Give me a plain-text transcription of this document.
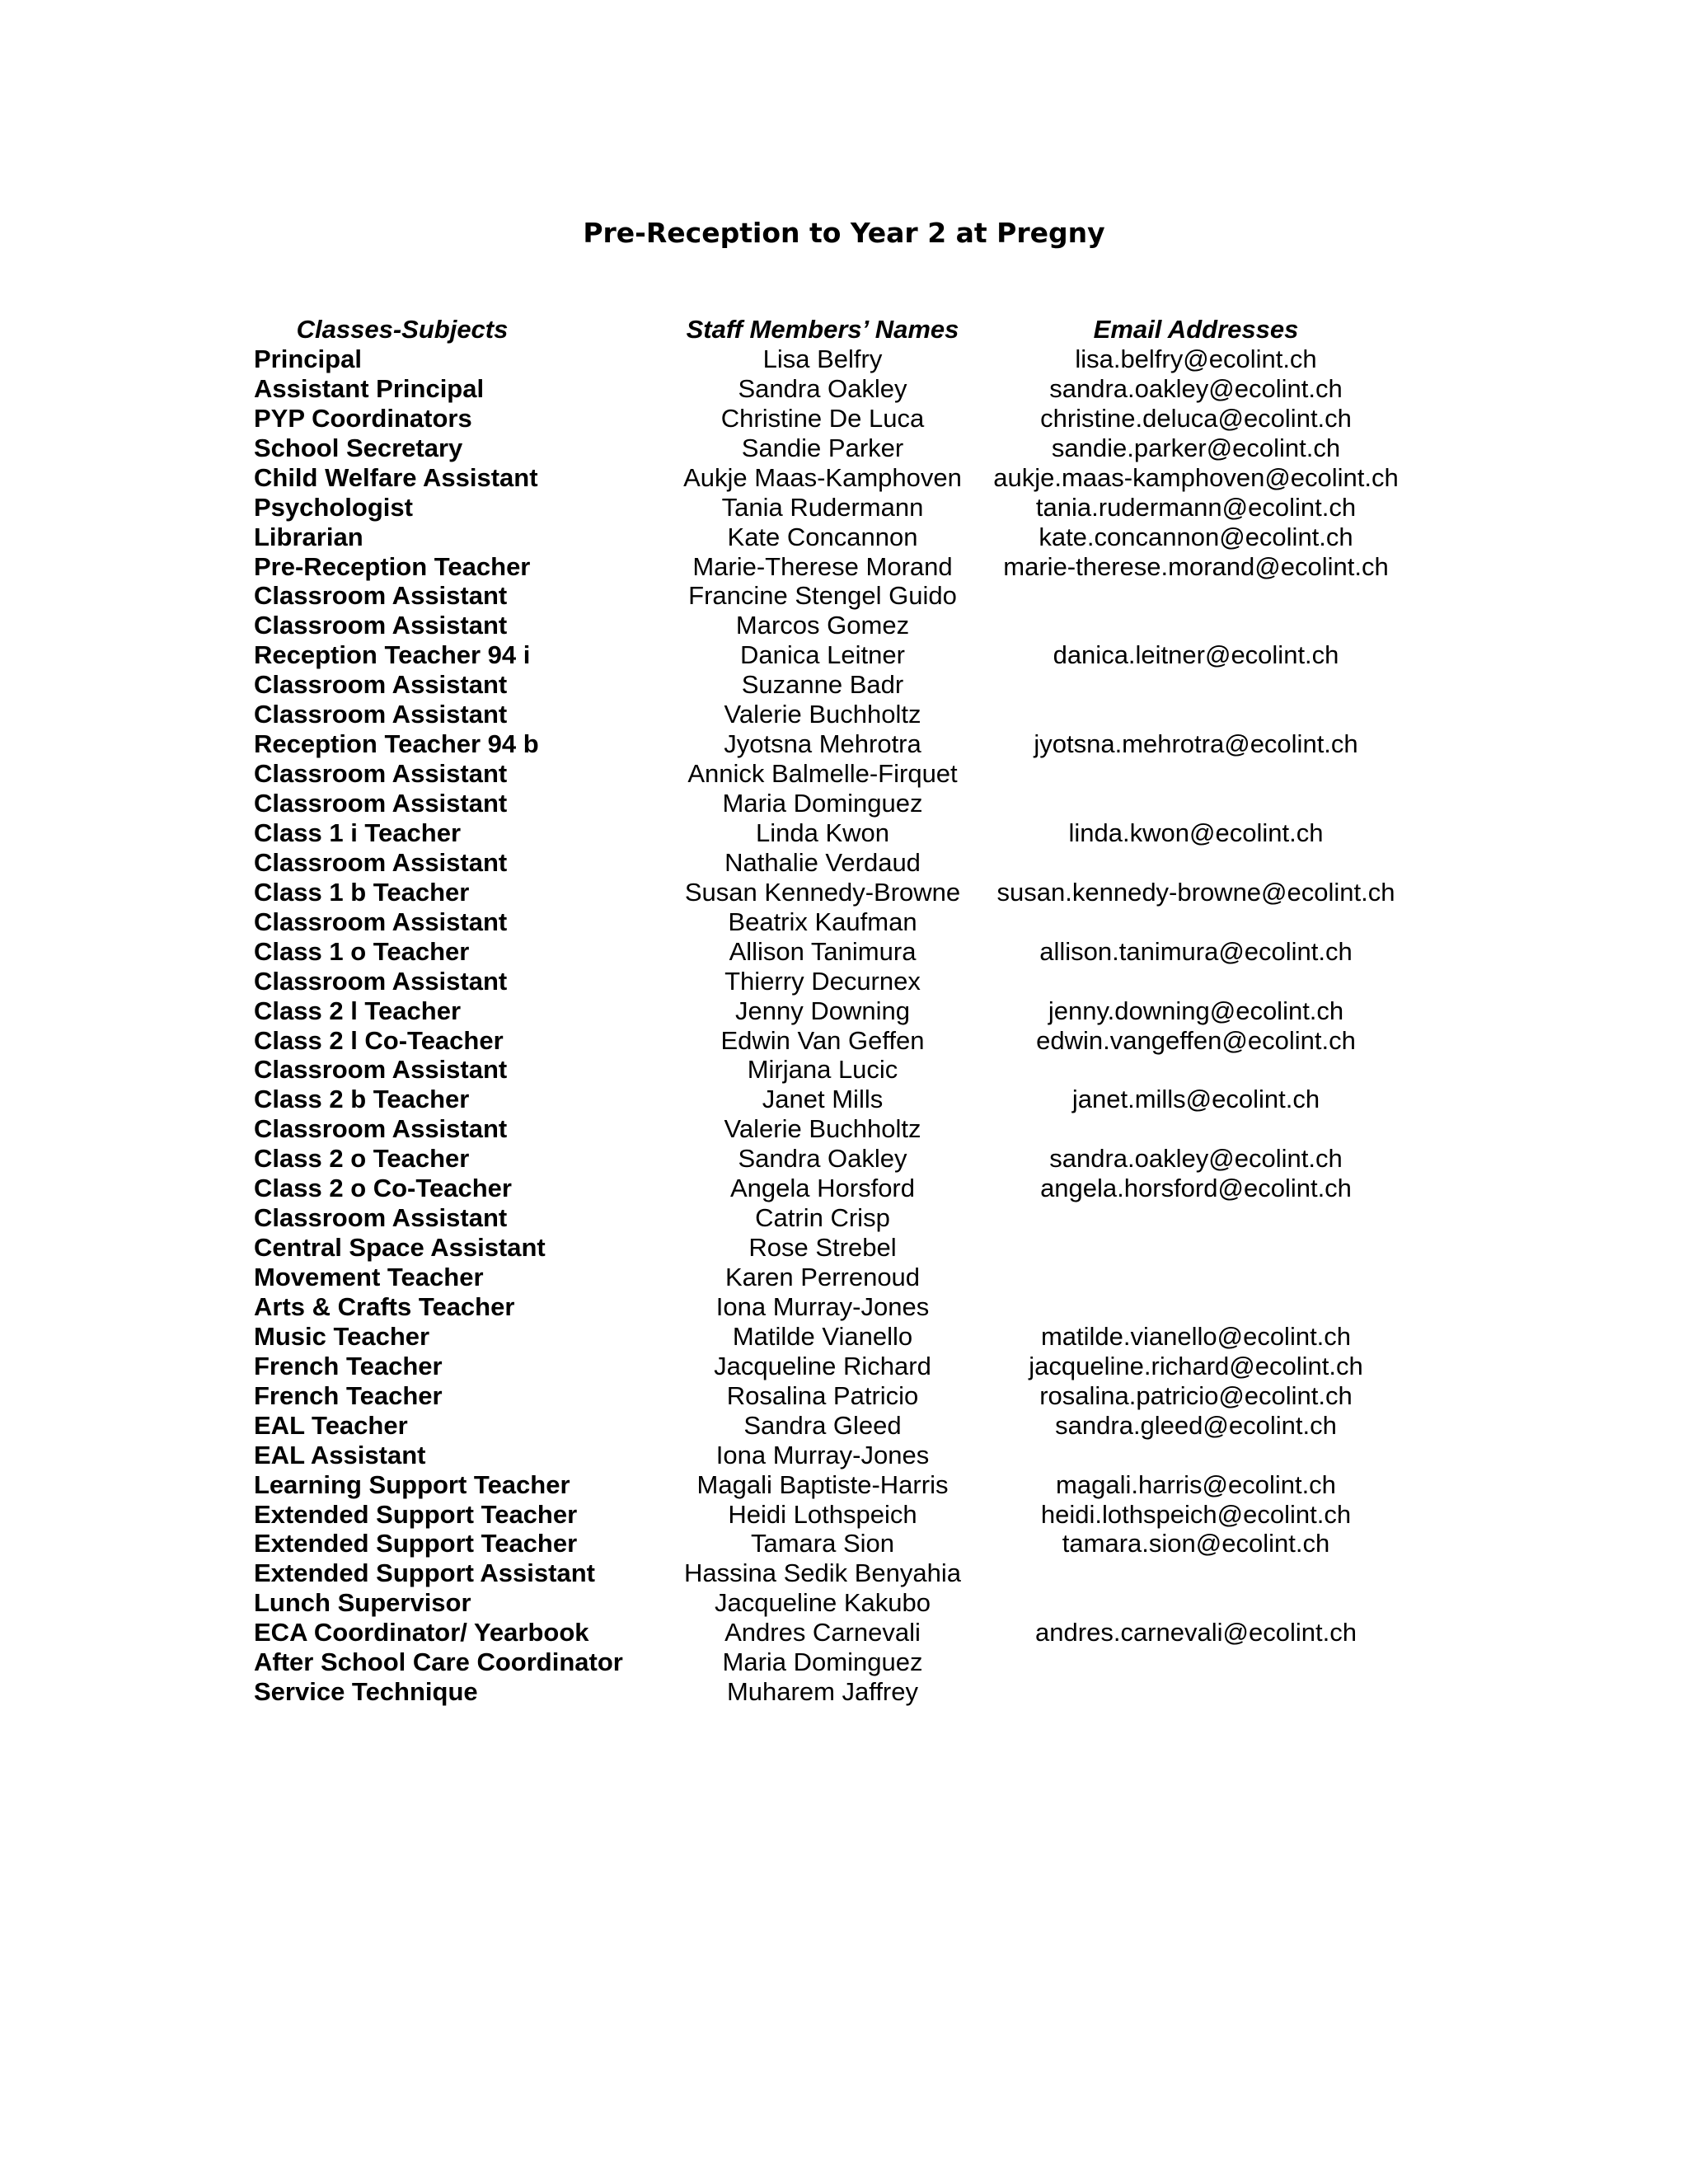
Pre-Reception to Year 2 at Pregny
Classes-Subjects	Staff Members’ Names	Email Addresses
Principal	Lisa Belfry	lisa.belfry@ecolint.ch
Assistant Principal	Sandra Oakley	sandra.oakley@ecolint.ch
PYP Coordinators	Christine De Luca	christine.deluca@ecolint.ch
School Secretary	Sandie Parker	sandie.parker@ecolint.ch
Child Welfare Assistant	Aukje Maas-Kamphoven	aukje.maas-kamphoven@ecolint.ch
Psychologist	Tania Rudermann	tania.rudermann@ecolint.ch
Librarian	Kate Concannon	kate.concannon@ecolint.ch
Pre-Reception Teacher	Marie-Therese Morand	marie-therese.morand@ecolint.ch
Classroom Assistant	Francine Stengel Guido
Classroom Assistant	Marcos Gomez
Reception Teacher 94 i	Danica Leitner	danica.leitner@ecolint.ch
Classroom Assistant	Suzanne Badr
Classroom Assistant	Valerie Buchholtz
Reception Teacher 94 b	Jyotsna Mehrotra	jyotsna.mehrotra@ecolint.ch
Classroom Assistant	Annick Balmelle-Firquet
Classroom Assistant	Maria Dominguez
Class 1 i Teacher	Linda Kwon	linda.kwon@ecolint.ch
Classroom Assistant	Nathalie Verdaud
Class 1 b Teacher	Susan Kennedy-Browne	susan.kennedy-browne@ecolint.ch
Classroom Assistant	Beatrix Kaufman
Class 1 o Teacher	Allison Tanimura	allison.tanimura@ecolint.ch
Classroom Assistant	Thierry Decurnex
Class 2 l Teacher	Jenny Downing	jenny.downing@ecolint.ch
Class 2 l Co-Teacher	Edwin Van Geffen	edwin.vangeffen@ecolint.ch
Classroom Assistant	Mirjana Lucic
Class 2 b Teacher	Janet Mills	janet.mills@ecolint.ch
Classroom Assistant	Valerie Buchholtz
Class 2 o Teacher	Sandra Oakley	sandra.oakley@ecolint.ch
Class 2 o Co-Teacher	Angela Horsford	angela.horsford@ecolint.ch
Classroom Assistant	Catrin Crisp
Central Space Assistant	Rose Strebel
Movement Teacher	Karen Perrenoud
Arts & Crafts Teacher	Iona Murray-Jones
Music Teacher	Matilde Vianello	matilde.vianello@ecolint.ch
French Teacher	Jacqueline Richard	jacqueline.richard@ecolint.ch
French Teacher	Rosalina Patricio	rosalina.patricio@ecolint.ch
EAL Teacher	Sandra Gleed	sandra.gleed@ecolint.ch
EAL Assistant	Iona Murray-Jones
Learning Support Teacher	Magali Baptiste-Harris	magali.harris@ecolint.ch
Extended Support Teacher	Heidi Lothspeich	heidi.lothspeich@ecolint.ch
Extended Support Teacher	Tamara Sion	tamara.sion@ecolint.ch
Extended Support Assistant	Hassina Sedik Benyahia
Lunch Supervisor	Jacqueline Kakubo
ECA Coordinator/ Yearbook	Andres Carnevali	andres.carnevali@ecolint.ch
After School Care Coordinator	Maria Dominguez
Service Technique	Muharem Jaffrey
